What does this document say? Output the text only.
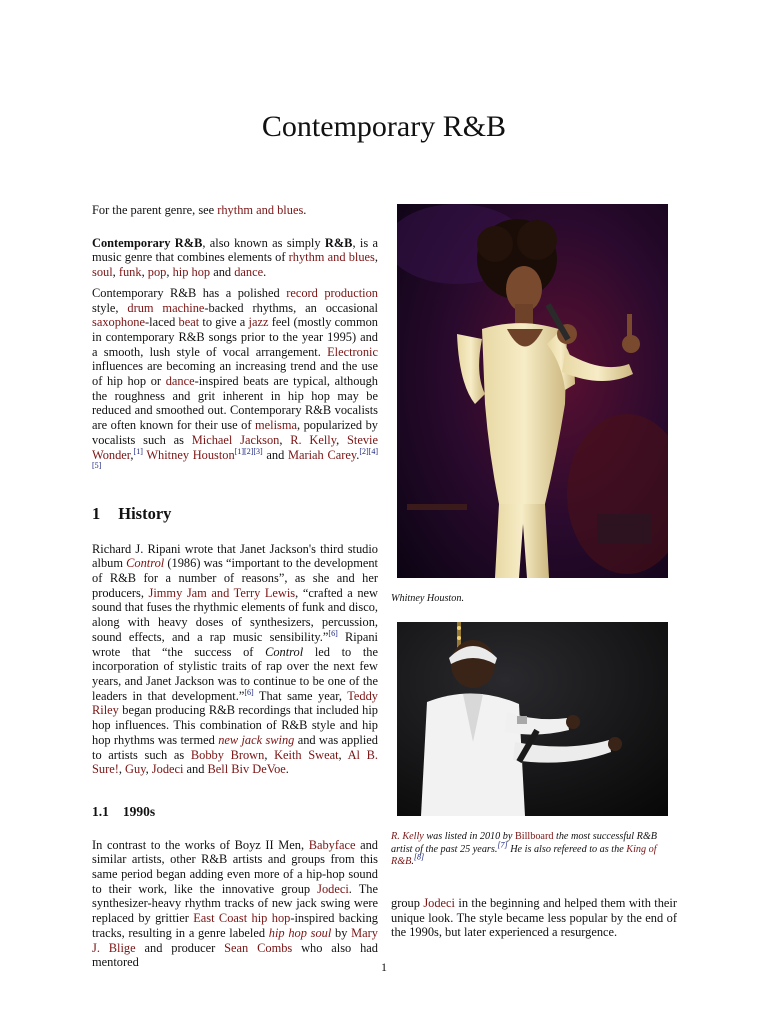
Contemporary R&B

For the parent genre, see rhythm and blues.

Contemporary R&B, also known as simply R&B, is a music genre that combines elements of rhythm and blues, soul, funk, pop, hip hop and dance.

Contemporary R&B has a polished record production style, drum machine-backed rhythms, an occasional saxophone-laced beat to give a jazz feel (mostly common in contemporary R&B songs prior to the year 1995) and a smooth, lush style of vocal arrangement. Electronic influences are becoming an increasing trend and the use of hip hop or dance-inspired beats are typical, although the roughness and grit inherent in hip hop may be reduced and smoothed out. Contemporary R&B vocalists are often known for their use of melisma, popularized by vocalists such as Michael Jackson, R. Kelly, Stevie Wonder,[1] Whitney Houston[1][2][3] and Mariah Carey.[2][4][5]

1 History

Richard J. Ripani wrote that Janet Jackson's third studio album Control (1986) was “important to the development of R&B for a number of reasons”, as she and her producers, Jimmy Jam and Terry Lewis, “crafted a new sound that fuses the rhythmic elements of funk and disco, along with heavy doses of synthesizers, percussion, sound effects, and a rap music sensibility.”[6] Ripani wrote that “the success of Control led to the incorporation of stylistic traits of rap over the next few years, and Janet Jackson was to continue to be one of the leaders in that development.”[6] That same year, Teddy Riley began producing R&B recordings that included hip hop influences. This combination of R&B style and hip hop rhythms was termed new jack swing and was applied to artists such as Bobby Brown, Keith Sweat, Al B. Sure!, Guy, Jodeci and Bell Biv DeVoe.

1.1 1990s

In contrast to the works of Boyz II Men, Babyface and similar artists, other R&B artists and groups from this same period began adding even more of a hip-hop sound to their work, like the innovative group Jodeci. The synthesizer-heavy rhythm tracks of new jack swing were replaced by grittier East Coast hip hop-inspired backing tracks, resulting in a genre labeled hip hop soul by Mary J. Blige and producer Sean Combs who also had mentored

Whitney Houston.
R. Kelly was listed in 2010 by Billboard the most successful R&B artist of the past 25 years.[7] He is also refereed to as the King of R&B.[8]
group Jodeci in the beginning and helped them with their unique look. The style became less popular by the end of the 1990s, but later experienced a resurgence.
1
